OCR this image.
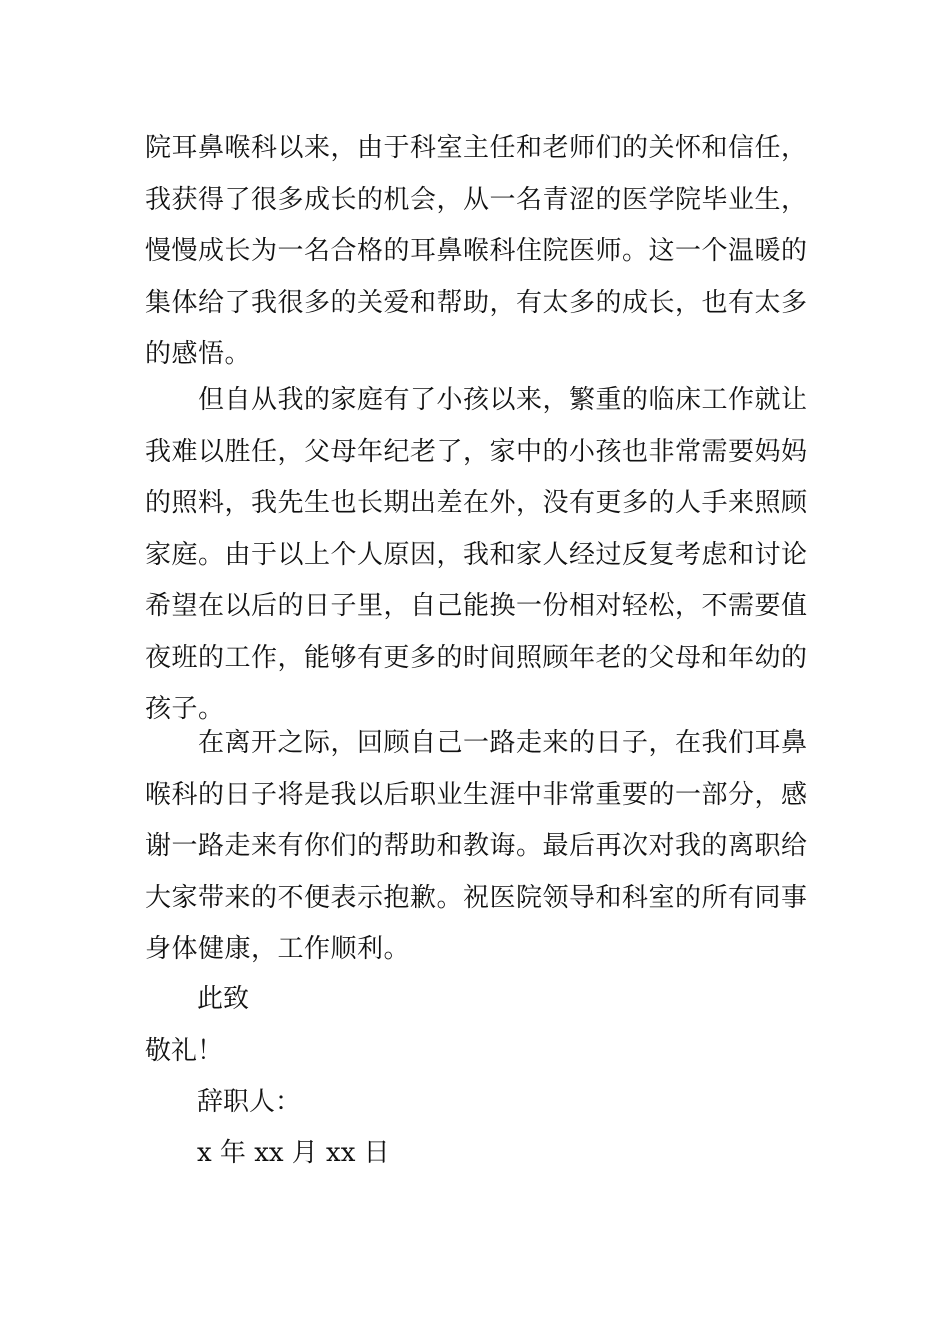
院耳鼻喉科以来，由于科室主任和老师们的关怀和信任，
我获得了很多成长的机会，从一名青涩的医学院毕业生，
慢慢成长为一名合格的耳鼻喉科住院医师。这一个温暖的
集体给了我很多的关爱和帮助，有太多的成长，也有太多
的感悟。
　　但自从我的家庭有了小孩以来，繁重的临床工作就让
我难以胜任，父母年纪老了，家中的小孩也非常需要妈妈
的照料，我先生也长期出差在外，没有更多的人手来照顾
家庭。由于以上个人原因，我和家人经过反复考虑和讨论
希望在以后的日子里，自己能换一份相对轻松，不需要值
夜班的工作，能够有更多的时间照顾年老的父母和年幼的
孩子。
　　在离开之际，回顾自己一路走来的日子，在我们耳鼻
喉科的日子将是我以后职业生涯中非常重要的一部分，感
谢一路走来有你们的帮助和教诲。最后再次对我的离职给
大家带来的不便表示抱歉。祝医院领导和科室的所有同事
身体健康，工作顺利。
此致
敬礼！
辞职人：
x 年 xx 月 xx 日
